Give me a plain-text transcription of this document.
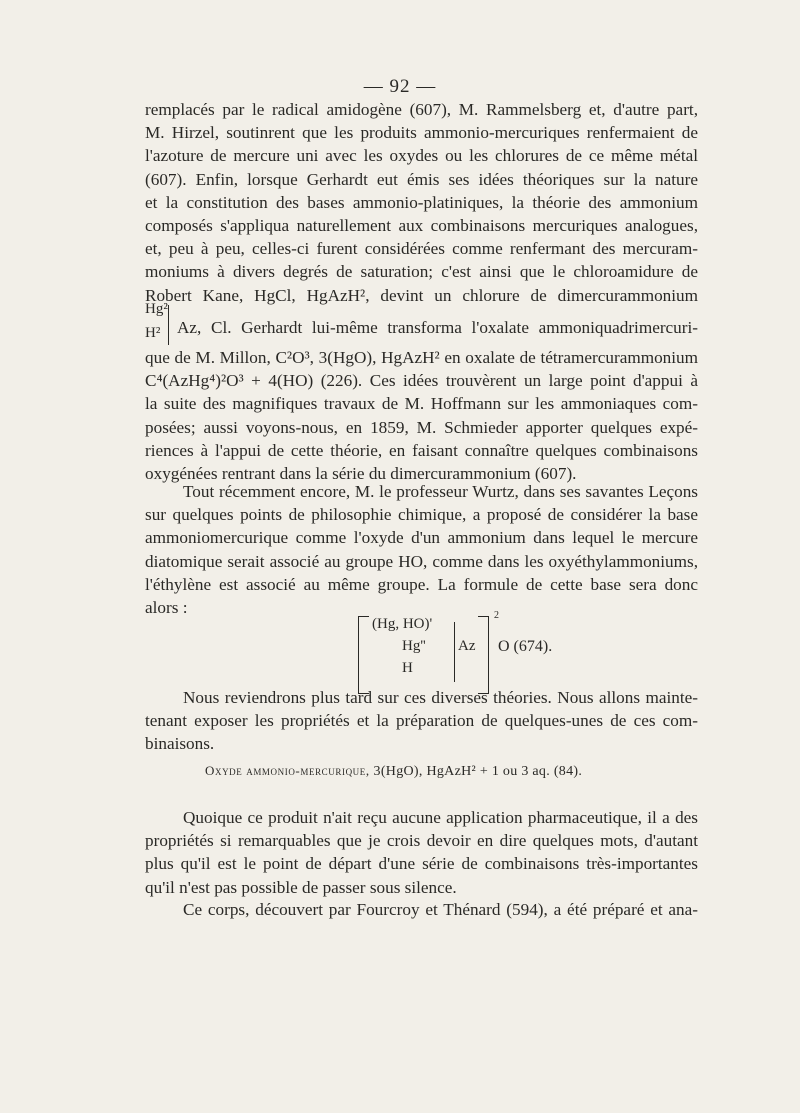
— 92 —
remplacés par le radical amidogène (607), M. Rammelsberg et, d'autre part,
M. Hirzel, soutinrent que les produits ammonio-mercuriques renfermaient de
l'azoture de mercure uni avec les oxydes ou les chlorures de ce même métal
(607). Enfin, lorsque Gerhardt eut émis ses idées théoriques sur la nature
et la constitution des bases ammonio-platiniques, la théorie des ammonium
composés s'appliqua naturellement aux combinaisons mercuriques analogues,
et, peu à peu, celles-ci furent considérées comme renfermant des mercuram-
moniums à divers degrés de saturation; c'est ainsi que le chloroamidure de
Robert Kane, HgCl, HgAzH², devint un chlorure de dimercurammonium
Hg²
H² Az, Cl. Gerhardt lui-même transforma l'oxalate ammoniquadrimercuri-
que de M. Millon, C²O³, 3(HgO), HgAzH² en oxalate de tétramercurammonium
C⁴(AzHg⁴)²O³ + 4(HO) (226). Ces idées trouvèrent un large point d'appui à
la suite des magnifiques travaux de M. Hoffmann sur les ammoniaques com-
posées; aussi voyons-nous, en 1859, M. Schmieder apporter quelques expé-
riences à l'appui de cette théorie, en faisant connaître quelques combinaisons
oxygénées rentrant dans la série du dimercurammonium (607).
Tout récemment encore, M. le professeur Wurtz, dans ses savantes Leçons
sur quelques points de philosophie chimique, a proposé de considérer la base
ammoniomercurique comme l'oxyde d'un ammonium dans lequel le mercure
diatomique serait associé au groupe HO, comme dans les oxyéthylammoniums,
l'éthylène est associé au même groupe. La formule de cette base sera donc
alors :
(Hg, HO)'
Hg''
H
Az
2
O (674).
Nous reviendrons plus tard sur ces diverses théories. Nous allons mainte-
tenant exposer les propriétés et la préparation de quelques-unes de ces com-
binaisons.
Oxyde ammonio-mercurique, 3(HgO), HgAzH² + 1 ou 3 aq. (84).
Quoique ce produit n'ait reçu aucune application pharmaceutique, il a des
propriétés si remarquables que je crois devoir en dire quelques mots, d'autant
plus qu'il est le point de départ d'une série de combinaisons très-importantes
qu'il n'est pas possible de passer sous silence.
Ce corps, découvert par Fourcroy et Thénard (594), a été préparé et ana-
